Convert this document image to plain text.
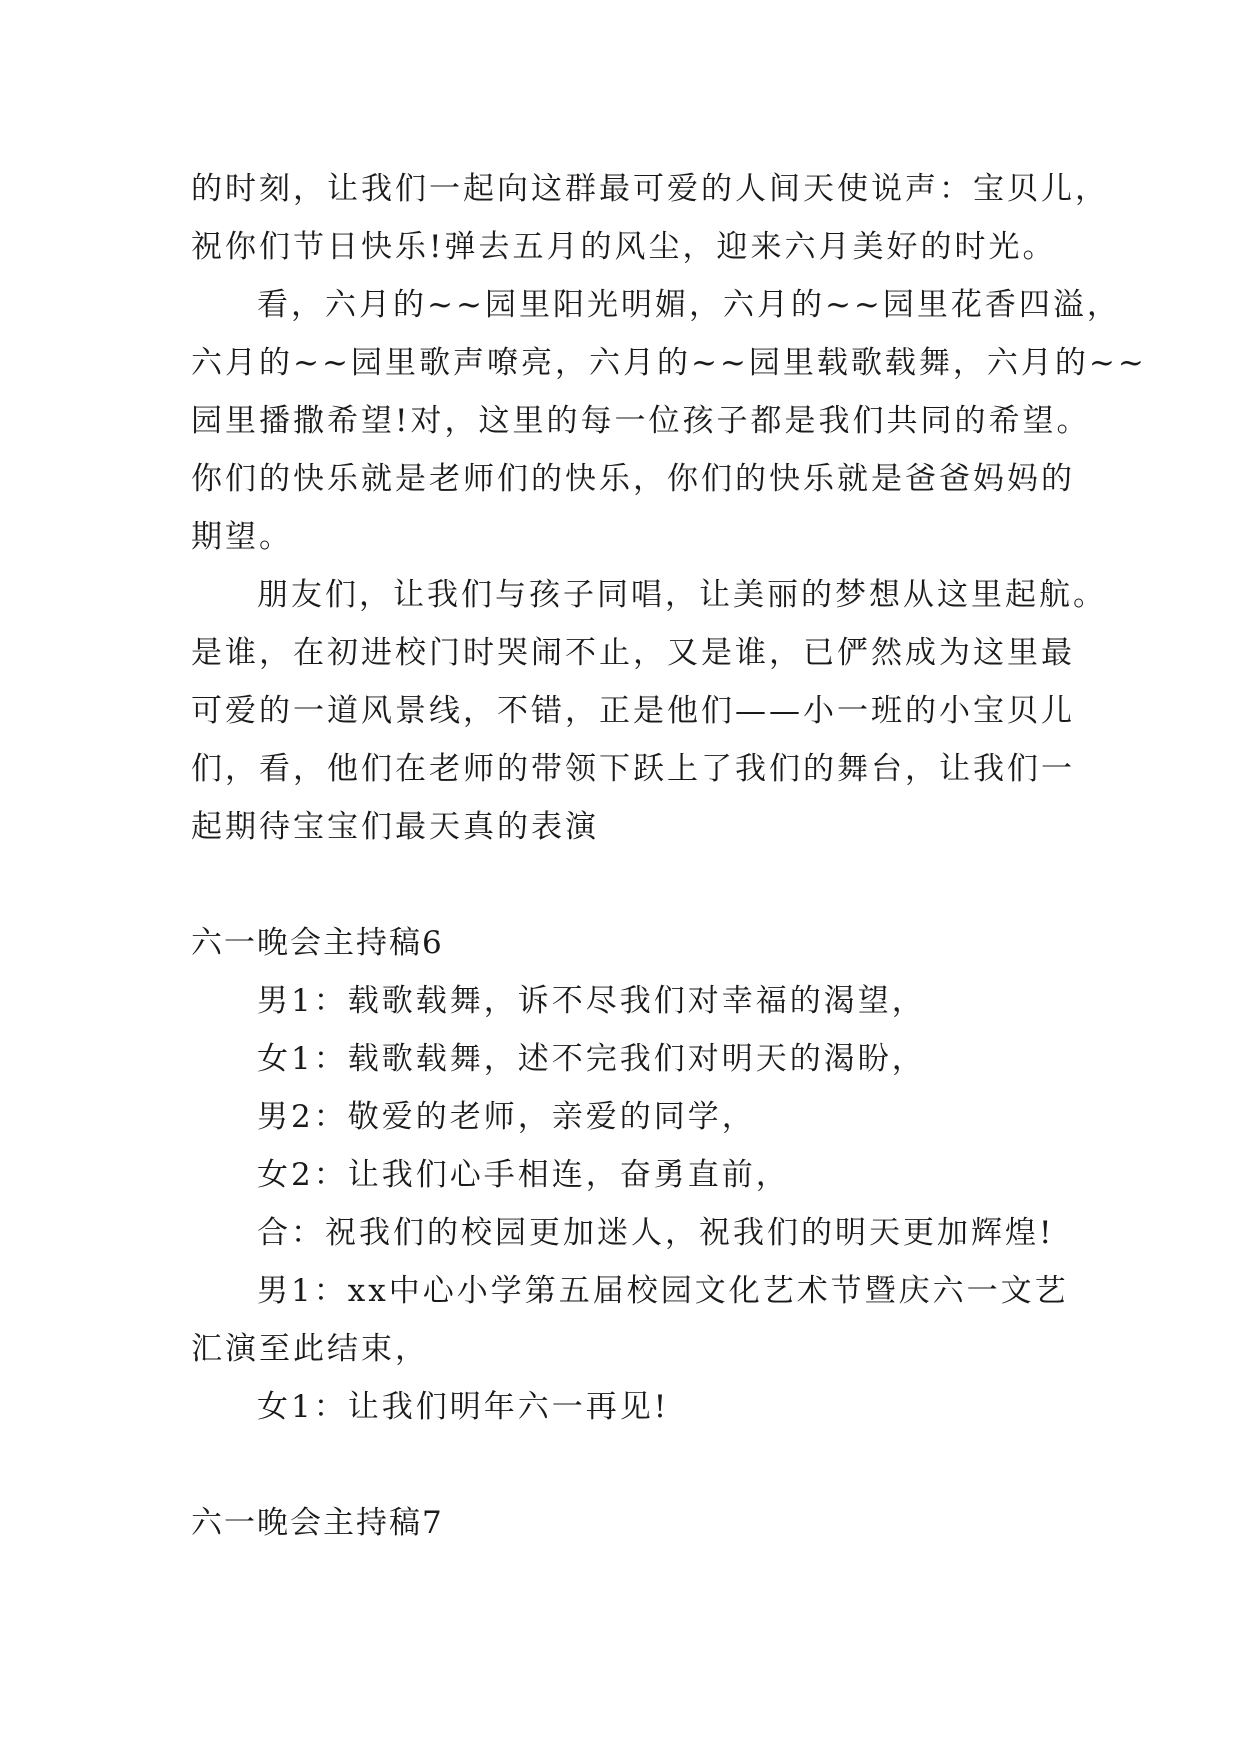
的时刻，让我们一起向这群最可爱的人间天使说声：宝贝儿，
祝你们节日快乐!弹去五月的风尘，迎来六月美好的时光。
看，六月的~~园里阳光明媚，六月的~~园里花香四溢，
六月的~~园里歌声嘹亮，六月的~~园里载歌载舞，六月的~~
园里播撒希望!对，这里的每一位孩子都是我们共同的希望。
你们的快乐就是老师们的快乐，你们的快乐就是爸爸妈妈的
期望。
朋友们，让我们与孩子同唱，让美丽的梦想从这里起航。
是谁，在初进校门时哭闹不止，又是谁，已俨然成为这里最
可爱的一道风景线，不错，正是他们——小一班的小宝贝儿
们，看，他们在老师的带领下跃上了我们的舞台，让我们一
起期待宝宝们最天真的表演
六一晚会主持稿6
男1：载歌载舞，诉不尽我们对幸福的渴望，
女1：载歌载舞，述不完我们对明天的渴盼，
男2：敬爱的老师，亲爱的同学，
女2：让我们心手相连，奋勇直前，
合：祝我们的校园更加迷人，祝我们的明天更加辉煌!
男1：xx中心小学第五届校园文化艺术节暨庆六一文艺
汇演至此结束，
女1：让我们明年六一再见!
六一晚会主持稿7
